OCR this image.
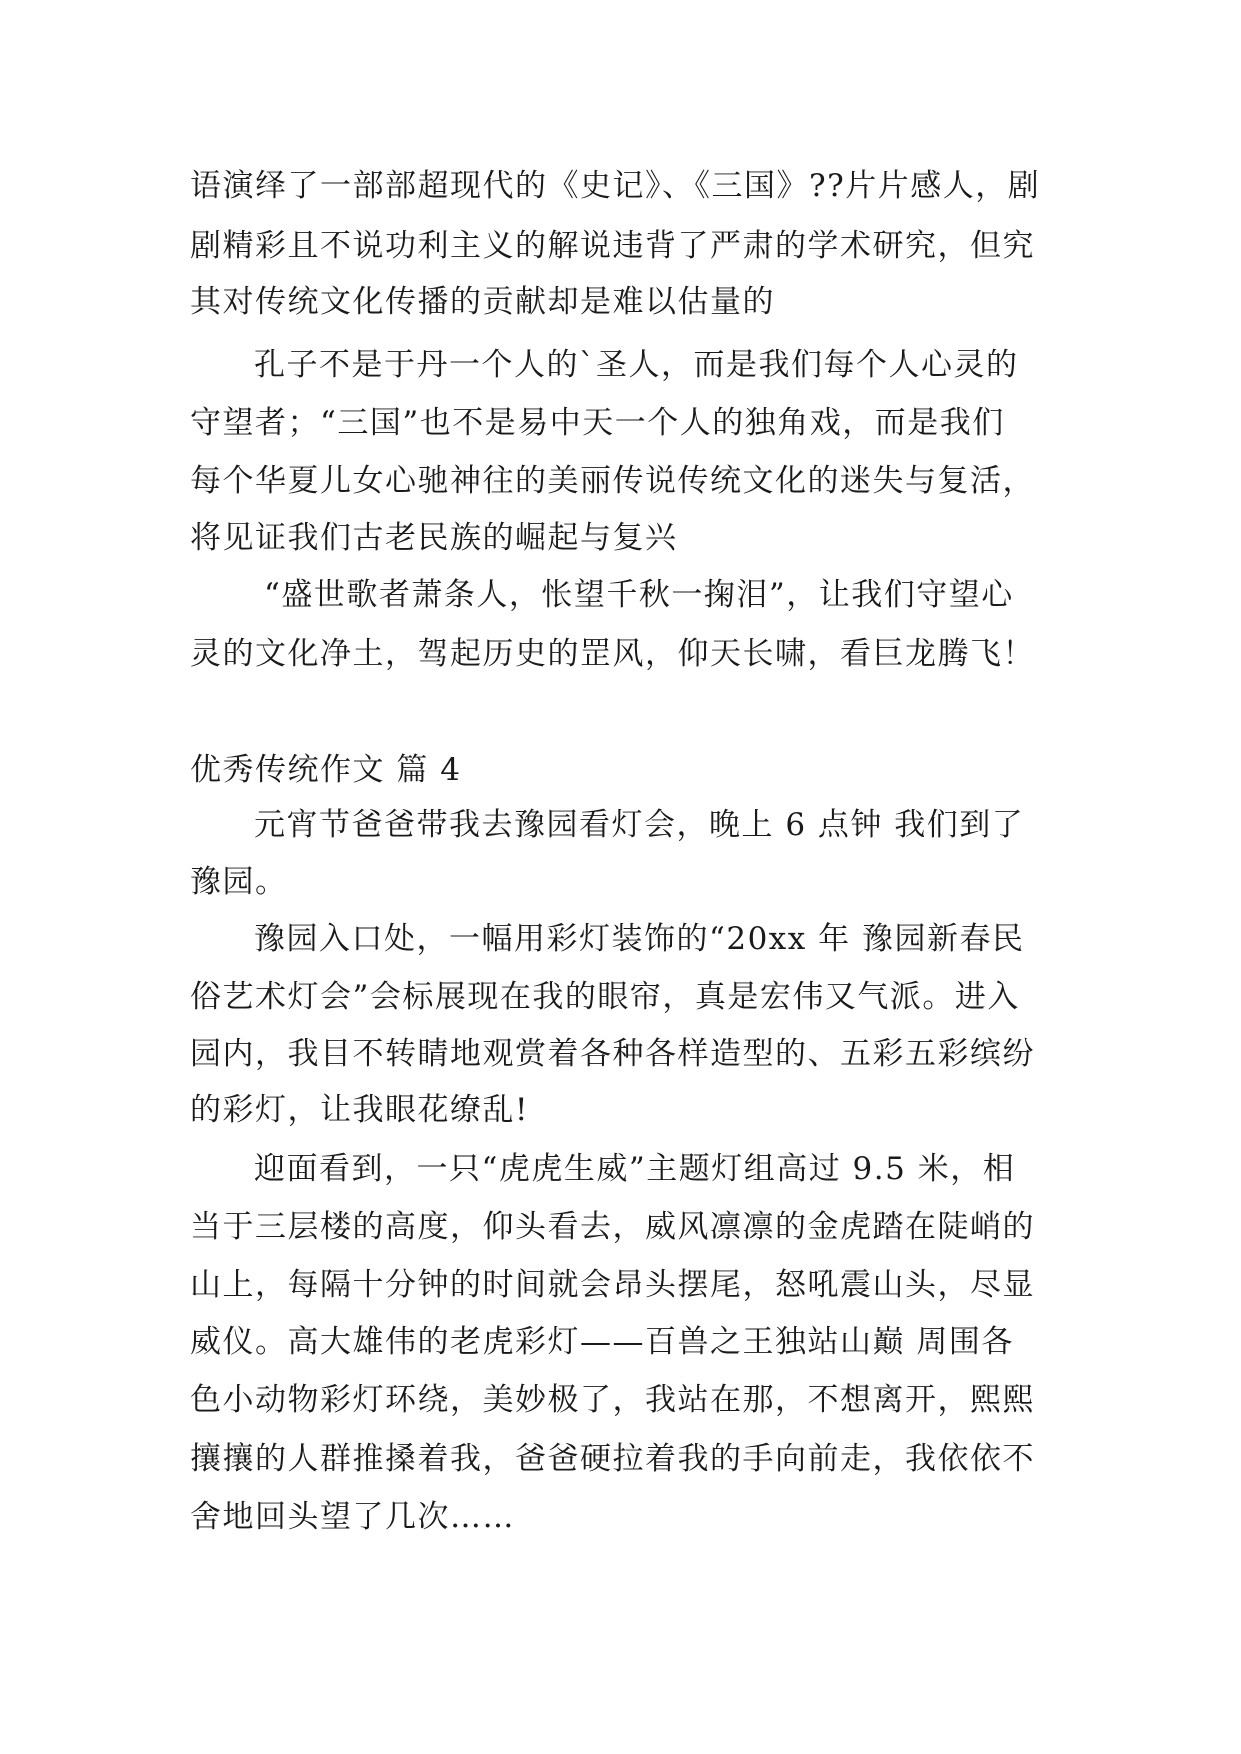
语演绎了一部部超现代的《史记》、《三国》??片片感人，剧
剧精彩且不说功利主义的解说违背了严肃的学术研究，但究
其对传统文化传播的贡献却是难以估量的
孔子不是于丹一个人的`圣人，而是我们每个人心灵的
守望者；“三国”也不是易中天一个人的独角戏，而是我们
每个华夏儿女心驰神往的美丽传说传统文化的迷失与复活，
将见证我们古老民族的崛起与复兴
“盛世歌者萧条人，怅望千秋一掬泪”，让我们守望心
灵的文化净土，驾起历史的罡风，仰天长啸，看巨龙腾飞！
优秀传统作文 篇 4
元宵节爸爸带我去豫园看灯会，晚上 6 点钟 我们到了
豫园。
豫园入口处，一幅用彩灯装饰的“20xx 年 豫园新春民
俗艺术灯会”会标展现在我的眼帘，真是宏伟又气派。进入
园内，我目不转睛地观赏着各种各样造型的、五彩五彩缤纷
的彩灯，让我眼花缭乱!
迎面看到，一只“虎虎生威”主题灯组高过 9.5 米，相
当于三层楼的高度，仰头看去，威风凛凛的金虎踏在陡峭的
山上，每隔十分钟的时间就会昂头摆尾，怒吼震山头，尽显
威仪。高大雄伟的老虎彩灯——百兽之王独站山巅 周围各
色小动物彩灯环绕，美妙极了，我站在那，不想离开，熙熙
攘攘的人群推搡着我，爸爸硬拉着我的手向前走，我依依不
舍地回头望了几次……
